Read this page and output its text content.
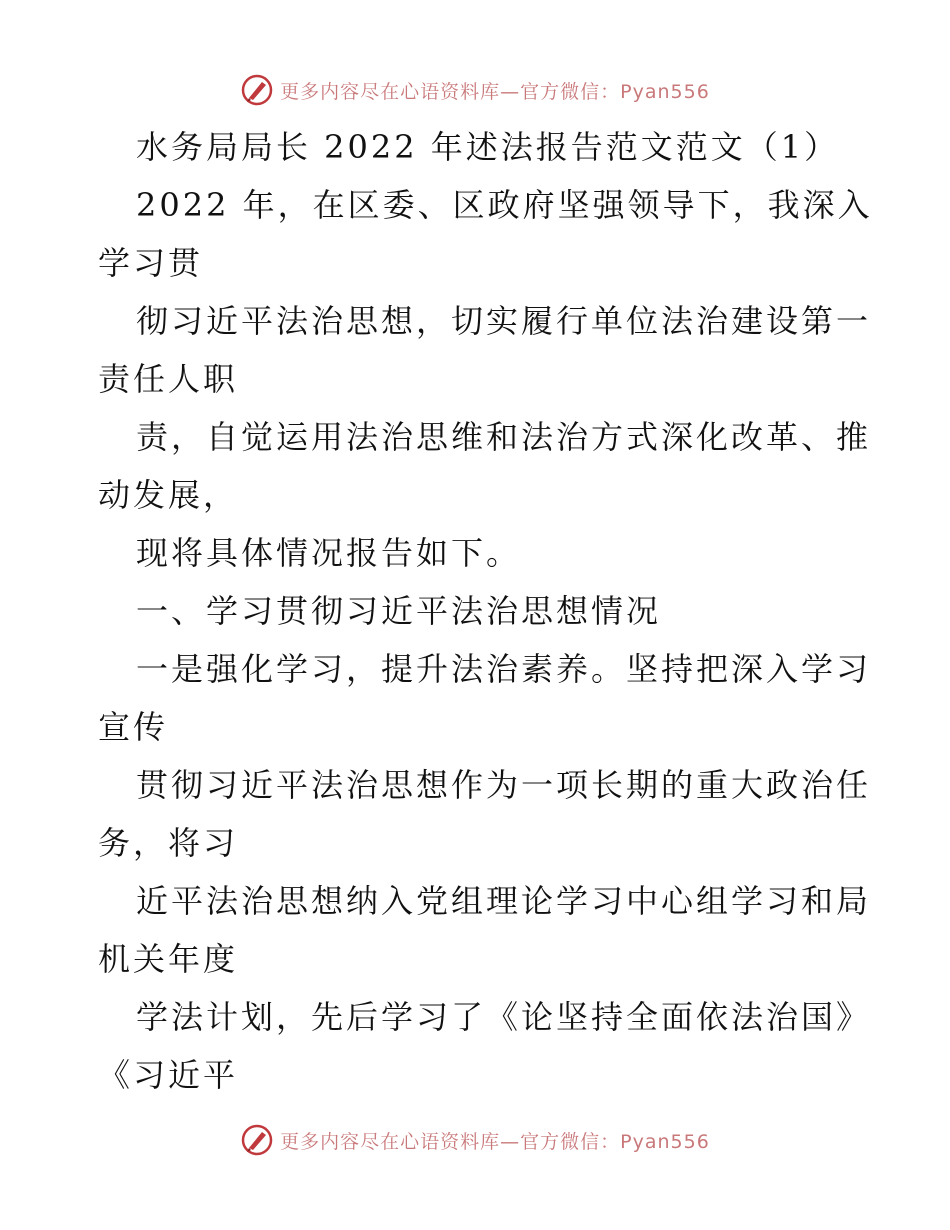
更多内容尽在心语资料库—官方微信：Pyan556

水务局局长 2022 年述法报告范文范文（1）

2022 年，在区委、区政府坚强领导下，我深入

学习贯

彻习近平法治思想，切实履行单位法治建设第一

责任人职

责，自觉运用法治思维和法治方式深化改革、推

动发展，

现将具体情况报告如下。

一、学习贯彻习近平法治思想情况

一是强化学习，提升法治素养。坚持把深入学习

宣传

贯彻习近平法治思想作为一项长期的重大政治任

务，将习

近平法治思想纳入党组理论学习中心组学习和局

机关年度

学法计划，先后学习了《论坚持全面依法治国》

《习近平

更多内容尽在心语资料库—官方微信：Pyan556
